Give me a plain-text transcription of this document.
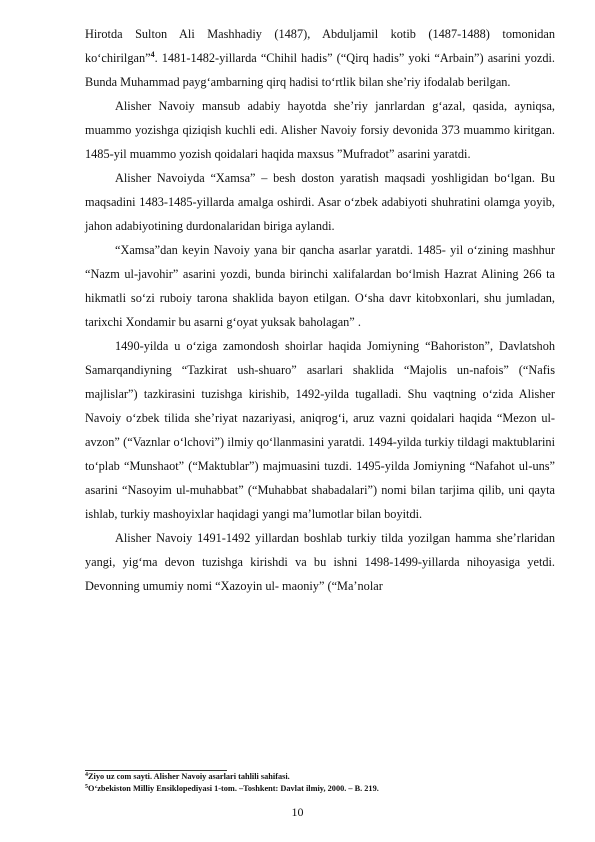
Hirotda Sulton Ali Mashhadiy (1487), Abduljamil kotib (1487-1488) tomonidan ko‘chirilgan”$^4$. 1481-1482-yillarda “Chihil hadis” (“Qirq hadis” yoki “Arbain”) asarini yozdi. Bunda Muhammad payg‘ambarning qirq hadisi to‘rtlik bilan she’riy ifodalab berilgan.

Alisher Navoiy mansub adabiy hayotda she’riy janrlardan g‘azal, qasida, ayniqsa, muammo yozishga qiziqish kuchli edi. Alisher Navoiy forsiy devonida 373 muammo kiritgan. 1485-yil muammo yozish qoidalari haqida maxsus ”Mufradot” asarini yaratdi.

Alisher Navoiyda “Xamsa” – besh doston yaratish maqsadi yoshligidan bo‘lgan. Bu maqsadini 1483-1485-yillarda amalga oshirdi. Asar o‘zbek adabiyoti shuhratini olamga yoyib, jahon adabiyotining durdonalaridan biriga aylandi.

“Xamsa”dan keyin Navoiy yana bir qancha asarlar yaratdi. 1485- yil o‘zining mashhur “Nazm ul-javohir” asarini yozdi, bunda birinchi xalifalardan bo‘lmish Hazrat Alining 266 ta hikmatli so‘zi ruboiy tarona shaklida bayon etilgan. O‘sha davr kitobxonlari, shu jumladan, tarixchi Xondamir bu asarni g‘oyat yuksak baholagan” .

1490-yilda u o‘ziga zamondosh shoirlar haqida Jomiyning “Bahoriston”, Davlatshoh Samarqandiyning “Tazkirat ush-shuaro” asarlari shaklida “Majolis un-nafois” (“Nafis majlislar”) tazkirasini tuzishga kirishib, 1492-yilda tugalladi. Shu vaqtning o‘zida Alisher Navoiy o‘zbek tilida she’riyat nazariyasi, aniqrog‘i, aruz vazni qoidalari haqida “Mezon ul-avzon” (“Vaznlar o‘lchovi”) ilmiy qo‘llanmasini yaratdi. 1494-yilda turkiy tildagi maktublarini to‘plab “Munshaot” (“Maktublar”) majmuasini tuzdi. 1495-yilda Jomiyning “Nafahot ul-uns” asarini “Nasoyim ul-muhabbat” (“Muhabbat shabadalari”) nomi bilan tarjima qilib, uni qayta ishlab, turkiy mashoyixlar haqidagi yangi ma’lumotlar bilan boyitdi.

Alisher Navoiy 1491-1492 yillardan boshlab turkiy tilda yozilgan hamma she’rlaridan yangi, yig‘ma devon tuzishga kirishdi va bu ishni 1498-1499-yillarda nihoyasiga yetdi. Devonning umumiy nomi “Xazoyin ul- maoniy” (“Ma’nolar

$^4$Ziyo uz com sayti. Alisher Navoiy asarlari tahlili sahifasi.
$^5$O‘zbekiston Milliy Ensiklopediyasi 1-tom. –Toshkent: Davlat ilmiy, 2000. – B. 219.
10
